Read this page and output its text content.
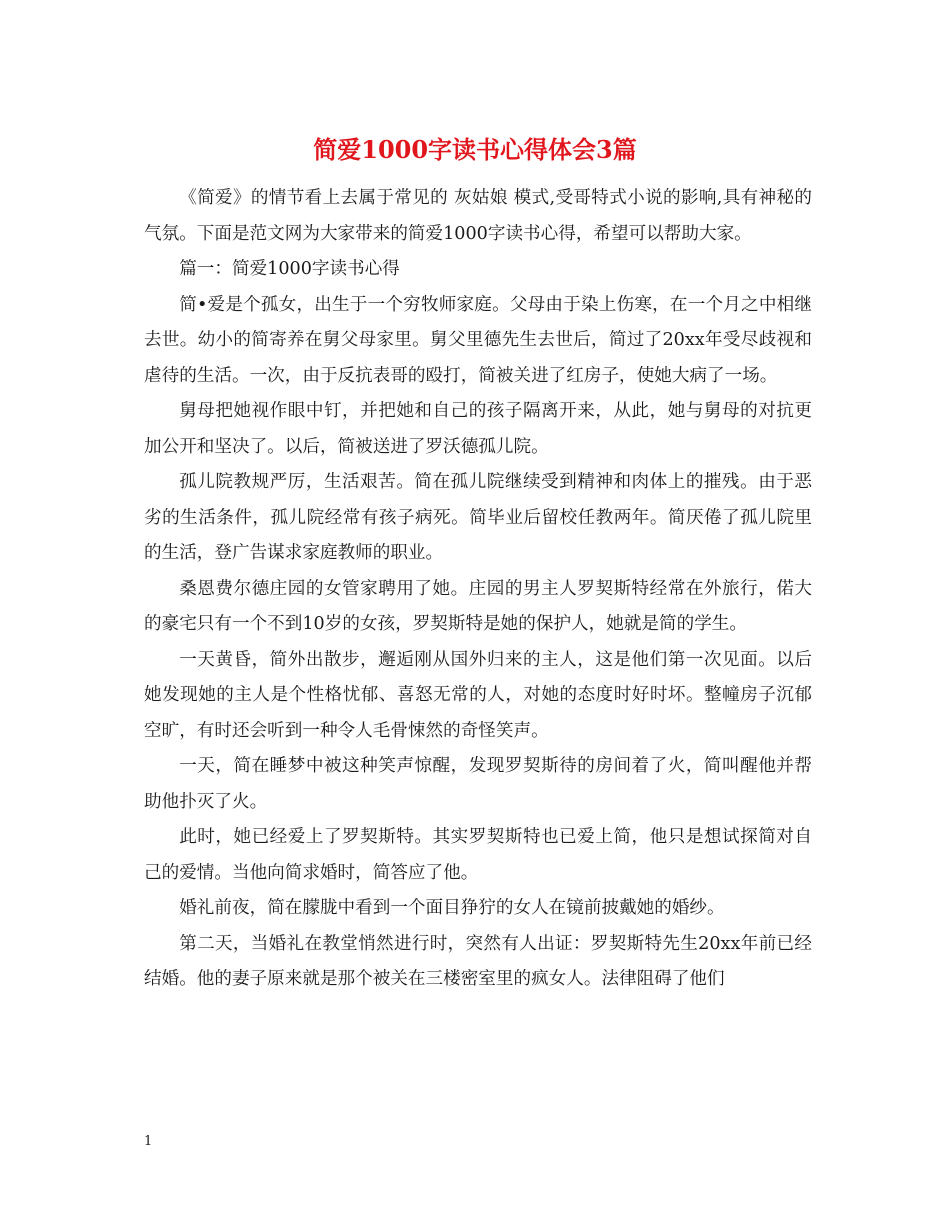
简爱1000字读书心得体会3篇

《简爱》的情节看上去属于常见的 灰姑娘 模式,受哥特式小说的影响,具有神秘的气氛。下面是范文网为大家带来的简爱1000字读书心得，希望可以帮助大家。

篇一：简爱1000字读书心得

简•爱是个孤女，出生于一个穷牧师家庭。父母由于染上伤寒，在一个月之中相继去世。幼小的简寄养在舅父母家里。舅父里德先生去世后，简过了20xx年受尽歧视和虐待的生活。一次，由于反抗表哥的殴打，简被关进了红房子，使她大病了一场。

舅母把她视作眼中钉，并把她和自己的孩子隔离开来，从此，她与舅母的对抗更加公开和坚决了。以后，简被送进了罗沃德孤儿院。

孤儿院教规严厉，生活艰苦。简在孤儿院继续受到精神和肉体上的摧残。由于恶劣的生活条件，孤儿院经常有孩子病死。简毕业后留校任教两年。简厌倦了孤儿院里的生活，登广告谋求家庭教师的职业。

桑恩费尔德庄园的女管家聘用了她。庄园的男主人罗契斯特经常在外旅行，偌大的豪宅只有一个不到10岁的女孩，罗契斯特是她的保护人，她就是简的学生。

一天黄昏，简外出散步，邂逅刚从国外归来的主人，这是他们第一次见面。以后她发现她的主人是个性格忧郁、喜怒无常的人，对她的态度时好时坏。整幢房子沉郁空旷，有时还会听到一种令人毛骨悚然的奇怪笑声。

一天，简在睡梦中被这种笑声惊醒，发现罗契斯待的房间着了火，简叫醒他并帮助他扑灭了火。

此时，她已经爱上了罗契斯特。其实罗契斯特也已爱上简，他只是想试探简对自己的爱情。当他向简求婚时，简答应了他。

婚礼前夜，简在朦胧中看到一个面目狰狞的女人在镜前披戴她的婚纱。

第二天，当婚礼在教堂悄然进行时，突然有人出证：罗契斯特先生20xx年前已经结婚。他的妻子原来就是那个被关在三楼密室里的疯女人。法律阻碍了他们

1
